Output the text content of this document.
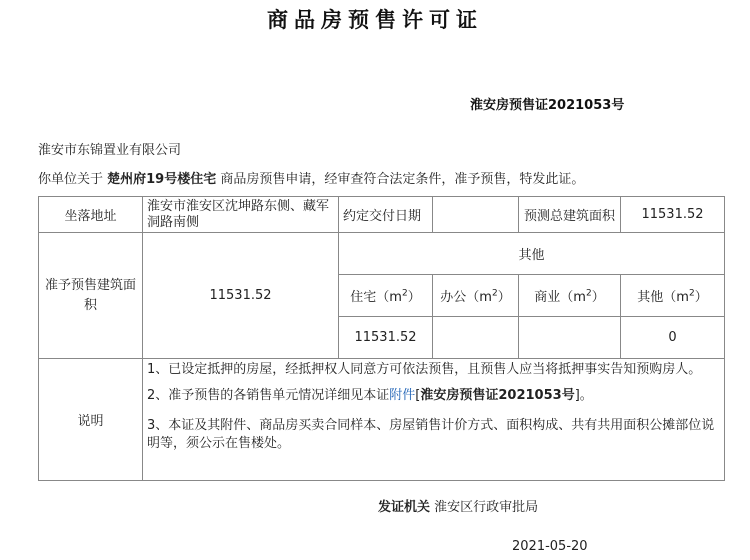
商品房预售许可证
淮安房预售证2021053号
淮安市东锦置业有限公司
你单位关于 楚州府19号楼住宅 商品房预售申请，经审查符合法定条件，准予预售，特发此证。
坐落地址	淮安市淮安区沈坤路东侧、藏军洞路南侧	约定交付日期		预测总建筑面积	11531.52
准予预售建筑面积	11531.52	其他			
		住宅$(m^2)$	办公$(m^2)$	商业$(m^2)$	其他$(m^2)$
		11531.52			0
说明	1、已设定抵押的房屋，经抵押权人同意方可依法预售，且预售人应当将抵押事实告知预购房人。
2、准予预售的各销售单元情况详细见本证附件[淮安房预售证2021053号]。
3、本证及其附件、商品房买卖合同样本、房屋销售计价方式、面积构成、共有共用面积公摊部位说明等，须公示在售楼处。				
发证机关 淮安区行政审批局
2021-05-20
